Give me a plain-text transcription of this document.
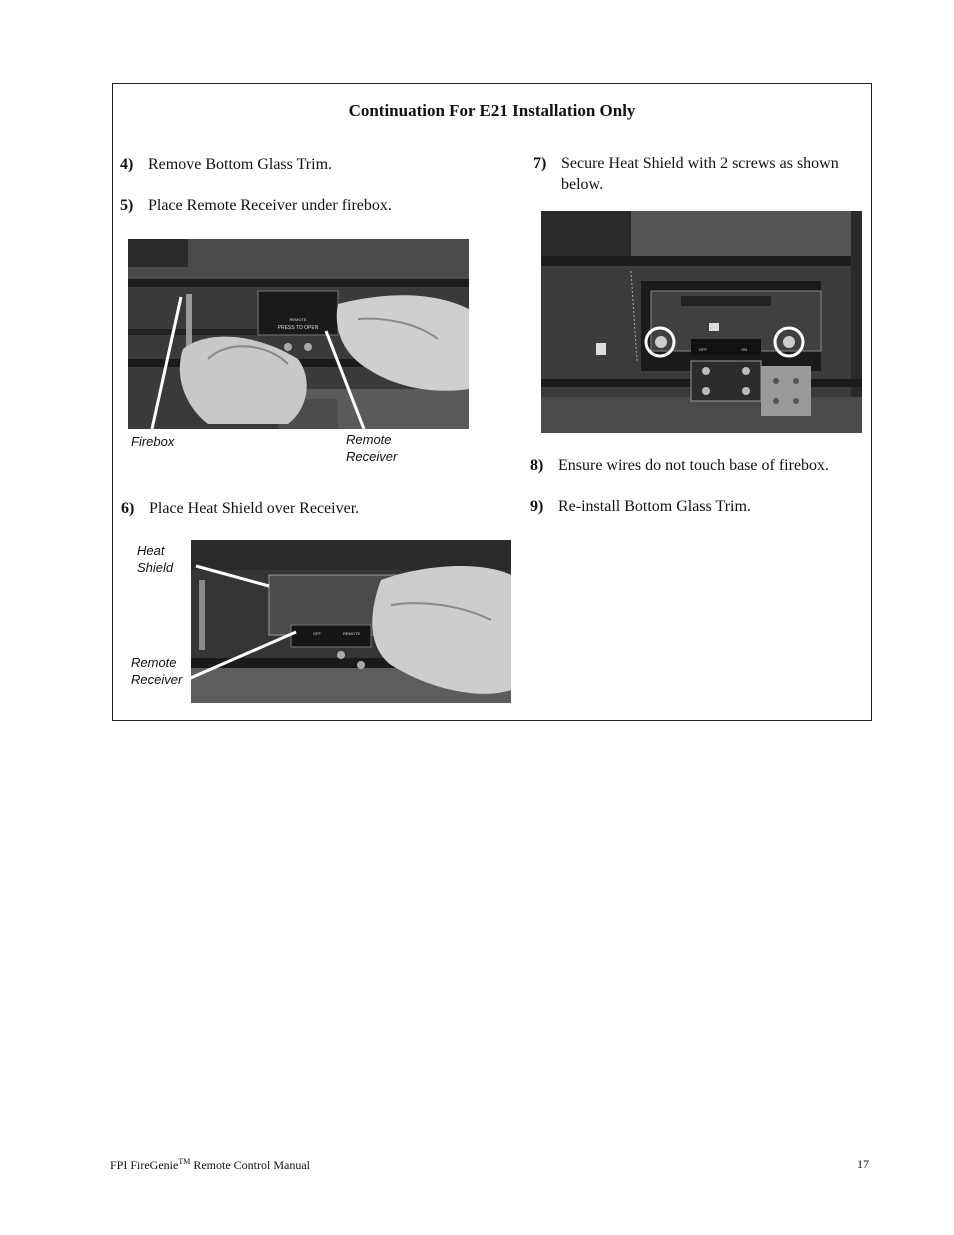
Continuation For E21 Installation Only
4) Remove Bottom Glass Trim.
5) Place Remote Receiver under firebox.
PRESS TO OPEN
REMOTE
Firebox	Remote Receiver
6) Place Heat Shield over Receiver.
OFF	REMOTE
Heat Shield
Remote Receiver
7) Secure Heat Shield with 2 screws as shown below.
OFF	ON
8) Ensure wires do not touch base of firebox.
9) Re-install Bottom Glass Trim.
FPI FireGenie™ Remote Control Manual	17
